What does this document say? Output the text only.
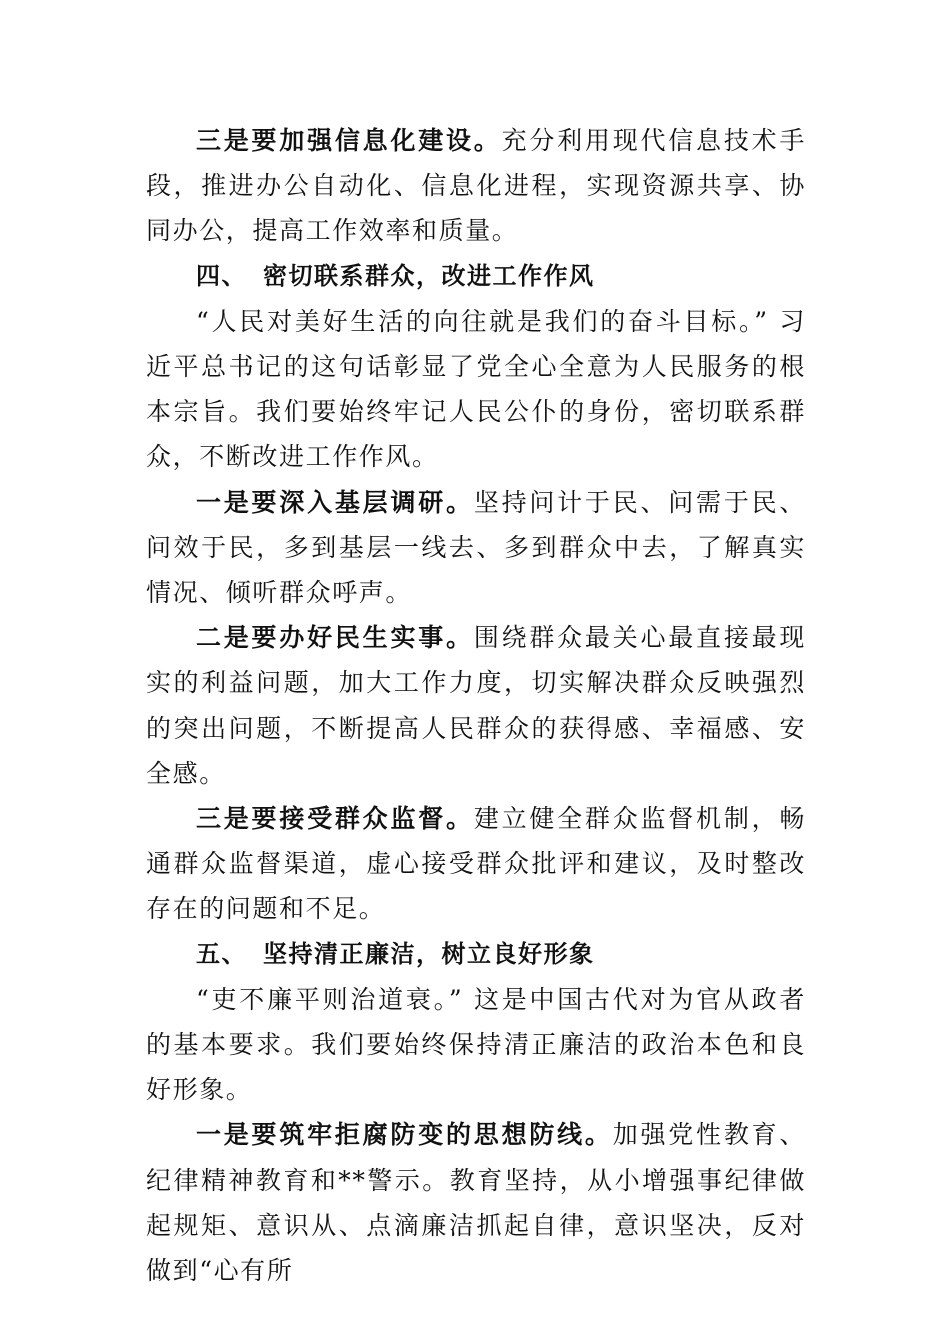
三是要加强信息化建设。充分利用现代信息技术手段，推进办公自动化、信息化进程，实现资源共享、协同办公，提高工作效率和质量。

四、 密切联系群众，改进工作作风

“人民对美好生活的向往就是我们的奋斗目标。” 习近平总书记的这句话彰显了党全心全意为人民服务的根本宗旨。我们要始终牢记人民公仆的身份，密切联系群众，不断改进工作作风。

一是要深入基层调研。坚持问计于民、问需于民、问效于民，多到基层一线去、多到群众中去，了解真实情况、倾听群众呼声。

二是要办好民生实事。围绕群众最关心最直接最现实的利益问题，加大工作力度，切实解决群众反映强烈的突出问题，不断提高人民群众的获得感、幸福感、安全感。

三是要接受群众监督。建立健全群众监督机制，畅通群众监督渠道，虚心接受群众批评和建议，及时整改存在的问题和不足。

五、 坚持清正廉洁，树立良好形象

“吏不廉平则治道衰。” 这是中国古代对为官从政者的基本要求。我们要始终保持清正廉洁的政治本色和良好形象。

一是要筑牢拒腐防变的思想防线。加强党性教育、纪律精神教育和**警示。教育坚持，从小增强事纪律做起规矩、意识从、点滴廉洁抓起自律，意识坚决，反对做到“心有所
